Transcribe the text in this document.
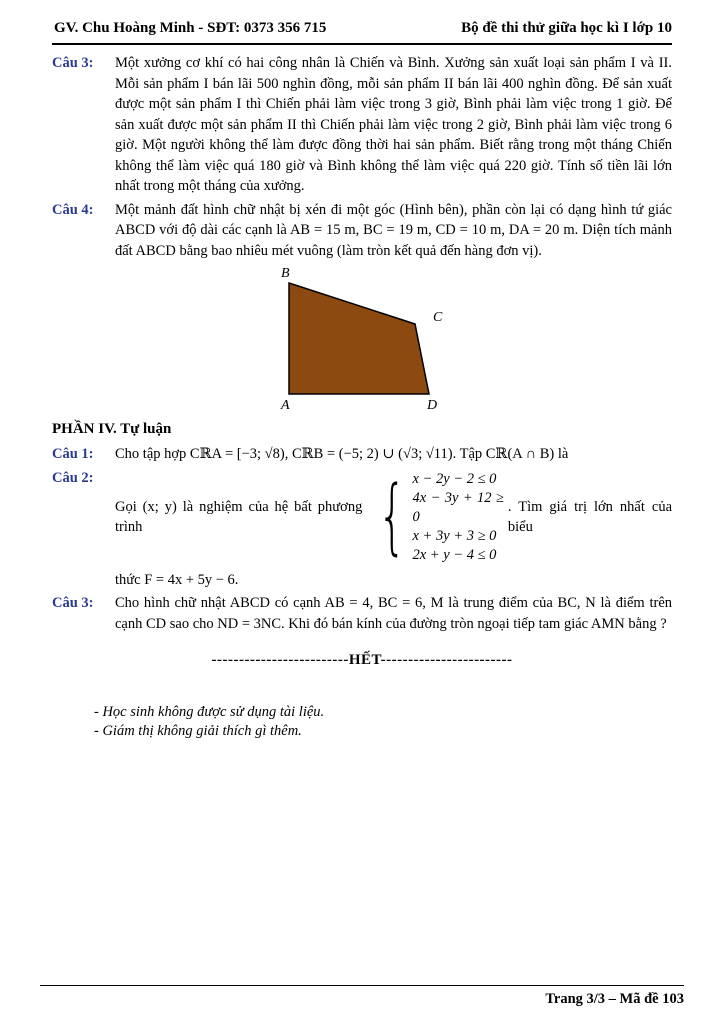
GV. Chu Hoàng Minh - SĐT: 0373 356 715	Bộ đề thi thử giữa học kì I lớp 10
Câu 3:	Một xưởng cơ khí có hai công nhân là Chiến và Bình. Xưởng sản xuất loại sản phẩm I và II. Mỗi sản phẩm I bán lãi 500 nghìn đồng, mỗi sản phẩm II bán lãi 400 nghìn đồng. Để sản xuất được một sản phẩm I thì Chiến phải làm việc trong 3 giờ, Bình phải làm việc trong 1 giờ. Để sản xuất được một sản phẩm II thì Chiến phải làm việc trong 2 giờ, Bình phải làm việc trong 6 giờ. Một người không thể làm được đồng thời hai sản phẩm. Biết rằng trong một tháng Chiến không thể làm việc quá 180 giờ và Bình không thể làm việc quá 220 giờ. Tính số tiền lãi lớn nhất trong một tháng của xưởng.
Câu 4:	Một mảnh đất hình chữ nhật bị xén đi một góc (Hình bên), phần còn lại có dạng hình tứ giác ABCD với độ dài các cạnh là AB = 15 m, BC = 19 m, CD = 10 m, DA = 20 m. Diện tích mảnh đất ABCD bằng bao nhiêu mét vuông (làm tròn kết quả đến hàng đơn vị).
B
C
A	D
PHẦN IV. Tự luận
Câu 1:	Cho tập hợp CℝA = [−3; √8), CℝB = (−5; 2) ∪ (√3; √11). Tập Cℝ(A ∩ B) là
Câu 2:
Gọi (x; y) là nghiệm của hệ bất phương trình	{ x − 2y − 2 ≤ 0
4x − 3y + 12 ≥ 0
x + 3y + 3 ≥ 0
2x + y − 4 ≤ 0
. Tìm giá trị lớn nhất của biểu
thức F = 4x + 5y − 6.
Câu 3:	Cho hình chữ nhật ABCD có cạnh AB = 4, BC = 6, M là trung điểm của BC, N là điểm trên cạnh CD sao cho ND = 3NC. Khi đó bán kính của đường tròn ngoại tiếp tam giác AMN bằng ?
-------------------------HẾT------------------------
- Học sinh không được sử dụng tài liệu.
- Giám thị không giải thích gì thêm.
Trang 3/3 – Mã đề 103
